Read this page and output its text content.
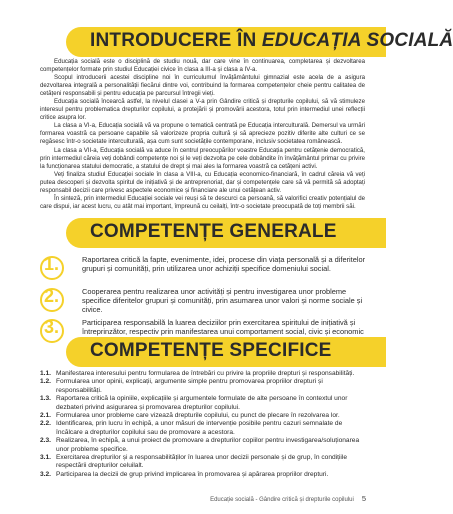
INTRODUCERE ÎN EDUCAȚIA SOCIALĂ

Educația socială este o disciplină de studiu nouă, dar care vine în continuarea, completarea și dezvoltarea competențelor formate prin studiul Educației civice în clasa a III-a și clasa a IV-a.

Scopul introducerii acestei discipline noi în curriculumul învățământului gimnazial este acela de a asigura dezvoltarea integrală a personalității fiecărui dintre voi, contribuind la formarea competențelor cheie pentru calitatea de cetățeni responsabili și pentru educația pe parcursul întregii vieți.

Educația socială încearcă astfel, la nivelul clasei a V-a prin Gândire critică și drepturile copilului, să vă stimuleze interesul pentru problematica drepturilor copilului, a protejării și promovării acestora, totul prin intermediul unei reflecții critice asupra lor.

La clasa a VI-a, Educația socială vă va propune o tematică centrată pe Educația interculturală. Demersul va urmări formarea voastră ca persoane capabile să valorizeze propria cultură și să aprecieze pozitiv diferite alte culturi ce se regăsesc într-o societate interculturală, așa cum sunt societățile contemporane, inclusiv societatea românească.

La clasa a VII-a, Educația socială va aduce în centrul preocupărilor voastre Educația pentru cetățenie democratică, prin intermediul căreia veți dobândi competențe noi și le veți dezvolta pe cele dobândite în învățământul primar cu privire la funcționarea statului democratic, a statului de drept și mai ales la formarea voastră ca cetățeni activi.

Veți finaliza studiul Educației sociale în clasa a VIII-a, cu Educația economico-financiară, în cadrul căreia vă veți putea descoperi și dezvolta spiritul de inițiativă și de antreprenoriat, dar și competențele care să vă permită să adoptați responsabil decizii care privesc aspectele economice și financiare ale unui cetățean activ.

În sinteză, prin intermediul Educației sociale vei reuși să te descurci ca persoană, să valorifici creativ potențialul de care dispui, iar acest lucru, cu atât mai important, împreună cu ceilalți, într-o societate preocupată de toți membrii săi.

COMPETENȚE GENERALE
1.	Raportarea critică la fapte, evenimente, idei, procese din viața personală și a diferitelor grupuri și comunități, prin utilizarea unor achiziții specifice domeniului social.
2.	Cooperarea pentru realizarea unor activități și pentru investigarea unor probleme specifice diferitelor grupuri și comunități, prin asumarea unor valori și norme sociale și civice.
3.	Participarea responsabilă la luarea deciziilor prin exercitarea spiritului de inițiativă și întreprinzător, respectiv prin manifestarea unui comportament social, civic și economic
COMPETENȚE SPECIFICE
1.1. Manifestarea interesului pentru formularea de întrebări cu privire la propriile drepturi și responsabilități.
1.2. Formularea unor opinii, explicații, argumente simple pentru promovarea propriilor drepturi și responsabilități.
1.3. Raportarea critică la opiniile, explicațiile și argumentele formulate de alte persoane în contextul unor dezbateri privind asigurarea și promovarea drepturilor copilului.
2.1. Formularea unor probleme care vizează drepturile copilului, cu punct de plecare în rezolvarea lor.
2.2. Identificarea, prin lucru în echipă, a unor măsuri de intervenție posibile pentru cazuri semnalate de încălcare a drepturilor copilului sau de promovare a acestora.
2.3. Realizarea, în echipă, a unui proiect de promovare a drepturilor copiilor pentru investigarea/soluționarea unor probleme specifice.
3.1. Exercitarea drepturilor și a responsabilităților în luarea unor decizii personale și de grup, în condițiile respectării drepturilor celuilalt.
3.2. Participarea la decizii de grup privind implicarea în promovarea și apărarea propriilor drepturi.
Educație socială - Gândire critică și drepturile copilului 5
